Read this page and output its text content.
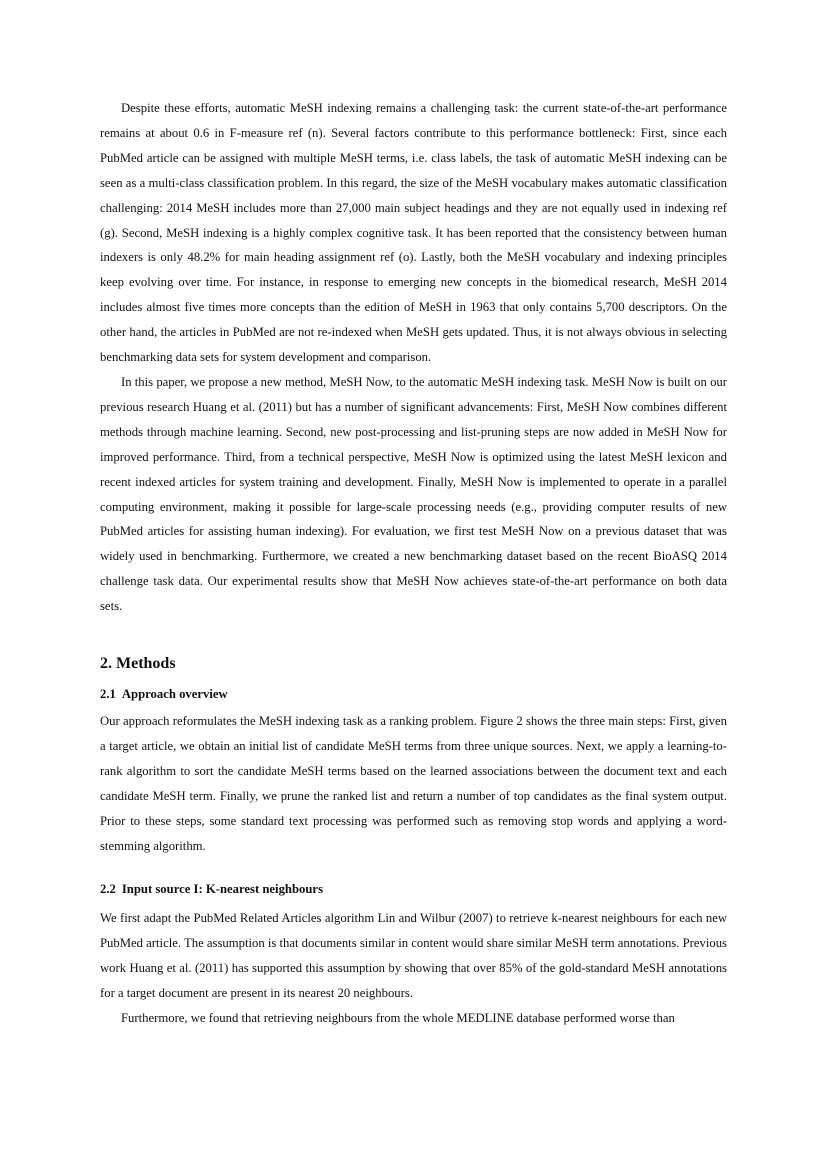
Despite these efforts, automatic MeSH indexing remains a challenging task: the current state-of-the-art performance remains at about 0.6 in F-measure ref (n). Several factors contribute to this performance bottleneck: First, since each PubMed article can be assigned with multiple MeSH terms, i.e. class labels, the task of automatic MeSH indexing can be seen as a multi-class classification problem. In this regard, the size of the MeSH vocabulary makes automatic classification challenging: 2014 MeSH includes more than 27,000 main subject headings and they are not equally used in indexing ref (g). Second, MeSH indexing is a highly complex cognitive task. It has been reported that the consistency between human indexers is only 48.2% for main heading assignment ref (o). Lastly, both the MeSH vocabulary and indexing principles keep evolving over time. For instance, in response to emerging new concepts in the biomedical research, MeSH 2014 includes almost five times more concepts than the edition of MeSH in 1963 that only contains 5,700 descriptors. On the other hand, the articles in PubMed are not re-indexed when MeSH gets updated. Thus, it is not always obvious in selecting benchmarking data sets for system development and comparison.

In this paper, we propose a new method, MeSH Now, to the automatic MeSH indexing task. MeSH Now is built on our previous research Huang et al. (2011) but has a number of significant advancements: First, MeSH Now combines different methods through machine learning. Second, new post-processing and list-pruning steps are now added in MeSH Now for improved performance. Third, from a technical perspective, MeSH Now is optimized using the latest MeSH lexicon and recent indexed articles for system training and development. Finally, MeSH Now is implemented to operate in a parallel computing environment, making it possible for large-scale processing needs (e.g., providing computer results of new PubMed articles for assisting human indexing). For evaluation, we first test MeSH Now on a previous dataset that was widely used in benchmarking. Furthermore, we created a new benchmarking dataset based on the recent BioASQ 2014 challenge task data. Our experimental results show that MeSH Now achieves state-of-the-art performance on both data sets.

2. Methods
2.1 Approach overview

Our approach reformulates the MeSH indexing task as a ranking problem. Figure 2 shows the three main steps: First, given a target article, we obtain an initial list of candidate MeSH terms from three unique sources. Next, we apply a learning-to-rank algorithm to sort the candidate MeSH terms based on the learned associations between the document text and each candidate MeSH term. Finally, we prune the ranked list and return a number of top candidates as the final system output. Prior to these steps, some standard text processing was performed such as removing stop words and applying a word-stemming algorithm.

2.2 Input source I: K-nearest neighbours

We first adapt the PubMed Related Articles algorithm Lin and Wilbur (2007) to retrieve k-nearest neighbours for each new PubMed article. The assumption is that documents similar in content would share similar MeSH term annotations. Previous work Huang et al. (2011) has supported this assumption by showing that over 85% of the gold-standard MeSH annotations for a target document are present in its nearest 20 neighbours.

Furthermore, we found that retrieving neighbours from the whole MEDLINE database performed worse than
